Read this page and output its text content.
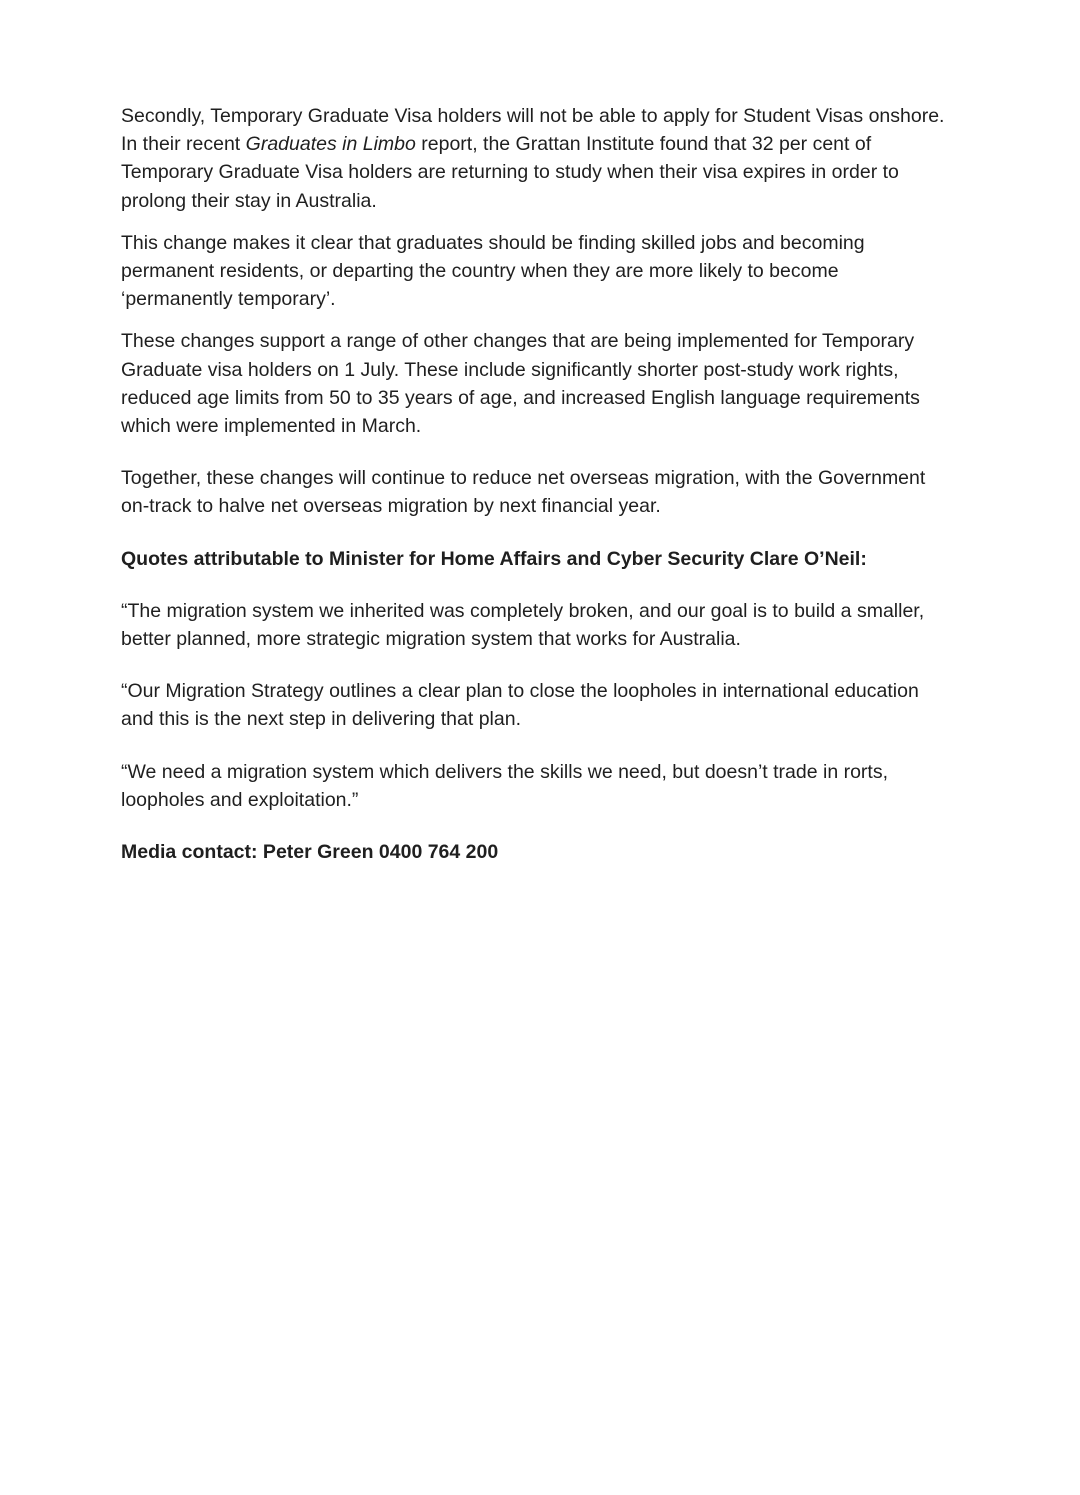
Secondly, Temporary Graduate Visa holders will not be able to apply for Student Visas onshore. In their recent Graduates in Limbo report, the Grattan Institute found that 32 per cent of Temporary Graduate Visa holders are returning to study when their visa expires in order to prolong their stay in Australia.

This change makes it clear that graduates should be finding skilled jobs and becoming permanent residents, or departing the country when they are more likely to become ‘permanently temporary’.

These changes support a range of other changes that are being implemented for Temporary Graduate visa holders on 1 July. These include significantly shorter post-study work rights, reduced age limits from 50 to 35 years of age, and increased English language requirements which were implemented in March.

Together, these changes will continue to reduce net overseas migration, with the Government on-track to halve net overseas migration by next financial year.

Quotes attributable to Minister for Home Affairs and Cyber Security Clare O’Neil:

“The migration system we inherited was completely broken, and our goal is to build a smaller, better planned, more strategic migration system that works for Australia.

“Our Migration Strategy outlines a clear plan to close the loopholes in international education and this is the next step in delivering that plan.

“We need a migration system which delivers the skills we need, but doesn’t trade in rorts, loopholes and exploitation.”

Media contact: Peter Green 0400 764 200
